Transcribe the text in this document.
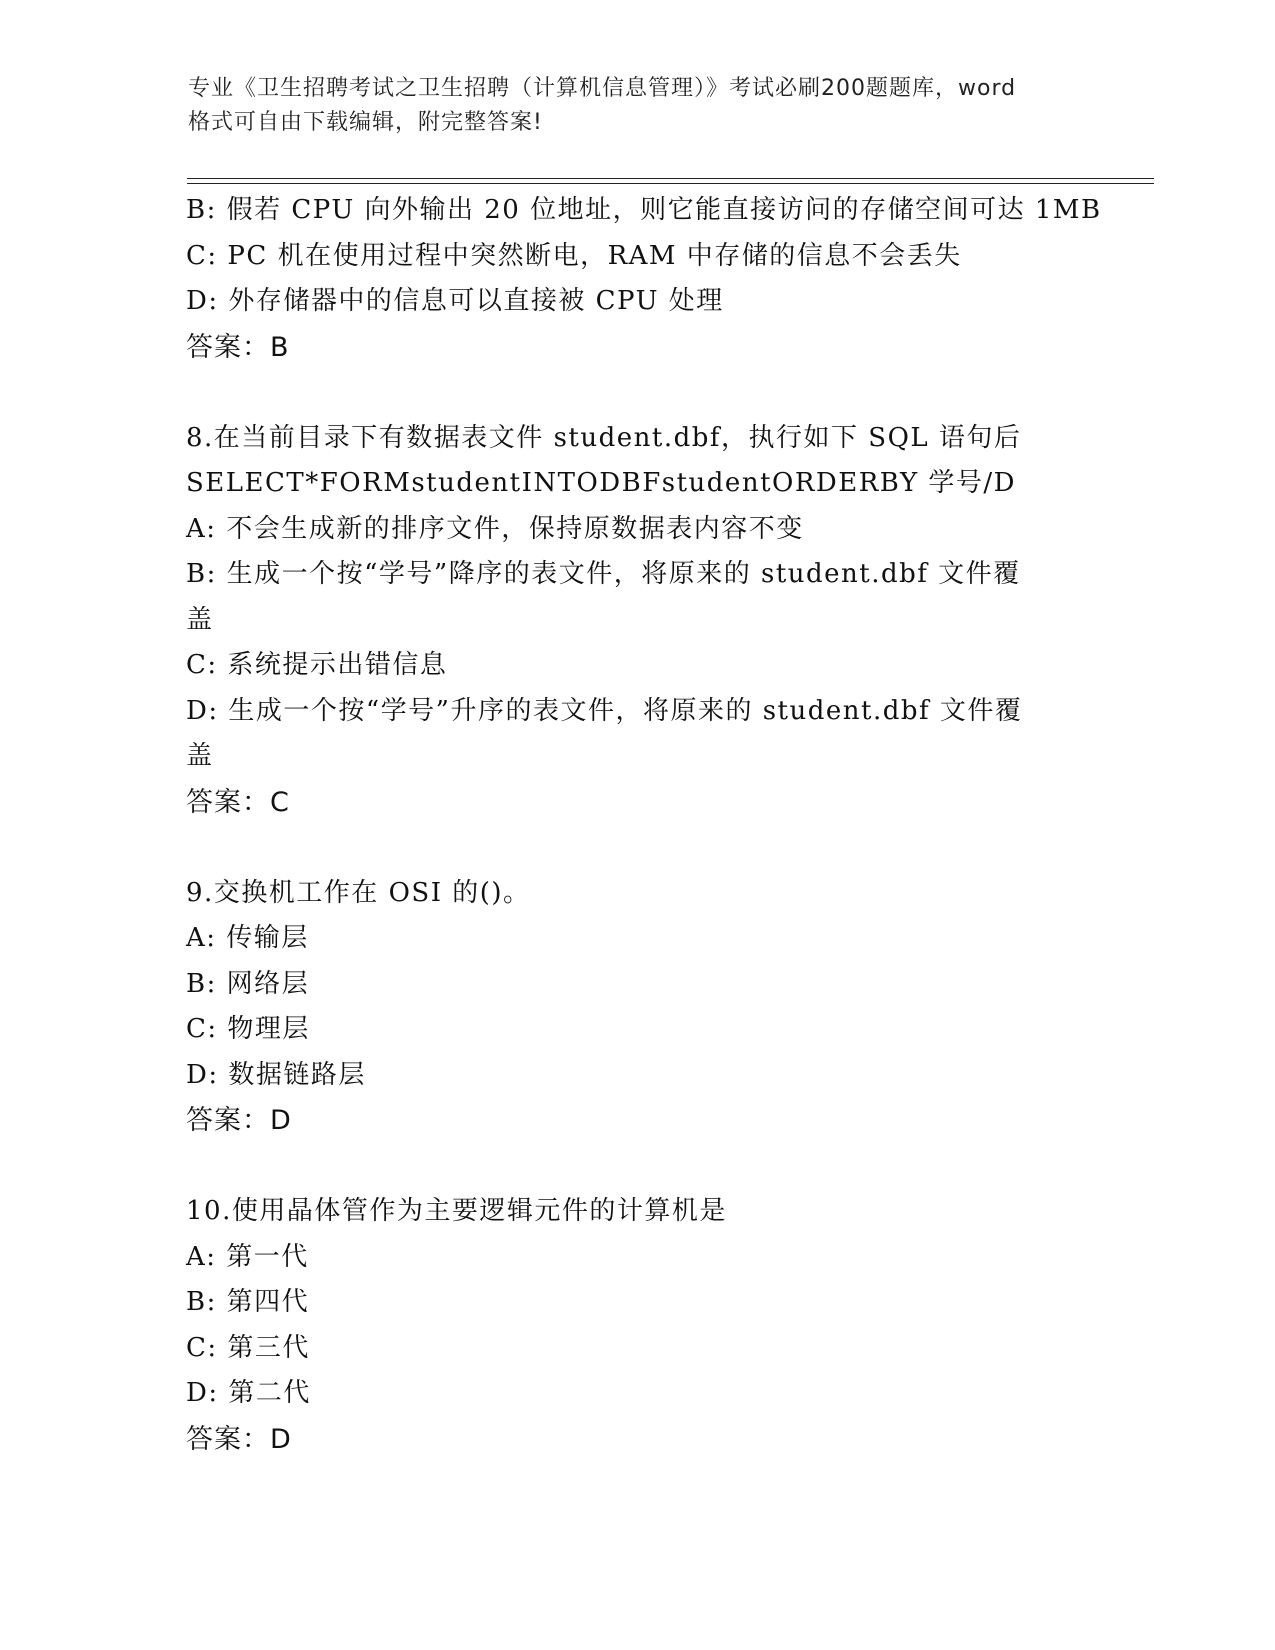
专业《卫生招聘考试之卫生招聘（计算机信息管理）》考试必刷200题题库，word
格式可自由下载编辑，附完整答案!
B: 假若 CPU 向外输出 20 位地址，则它能直接访问的存储空间可达 1MB
C: PC 机在使用过程中突然断电，RAM 中存储的信息不会丢失
D: 外存储器中的信息可以直接被 CPU 处理
答案：B
8.在当前目录下有数据表文件 student.dbf，执行如下 SQL 语句后
SELECT*FORMstudentINTODBFstudentORDERBY 学号/D
A: 不会生成新的排序文件，保持原数据表内容不变
B: 生成一个按“学号”降序的表文件，将原来的 student.dbf 文件覆
盖
C: 系统提示出错信息
D: 生成一个按“学号”升序的表文件，将原来的 student.dbf 文件覆
盖
答案：C
9.交换机工作在 OSI 的()。
A: 传输层
B: 网络层
C: 物理层
D: 数据链路层
答案：D
10.使用晶体管作为主要逻辑元件的计算机是
A: 第一代
B: 第四代
C: 第三代
D: 第二代
答案：D
